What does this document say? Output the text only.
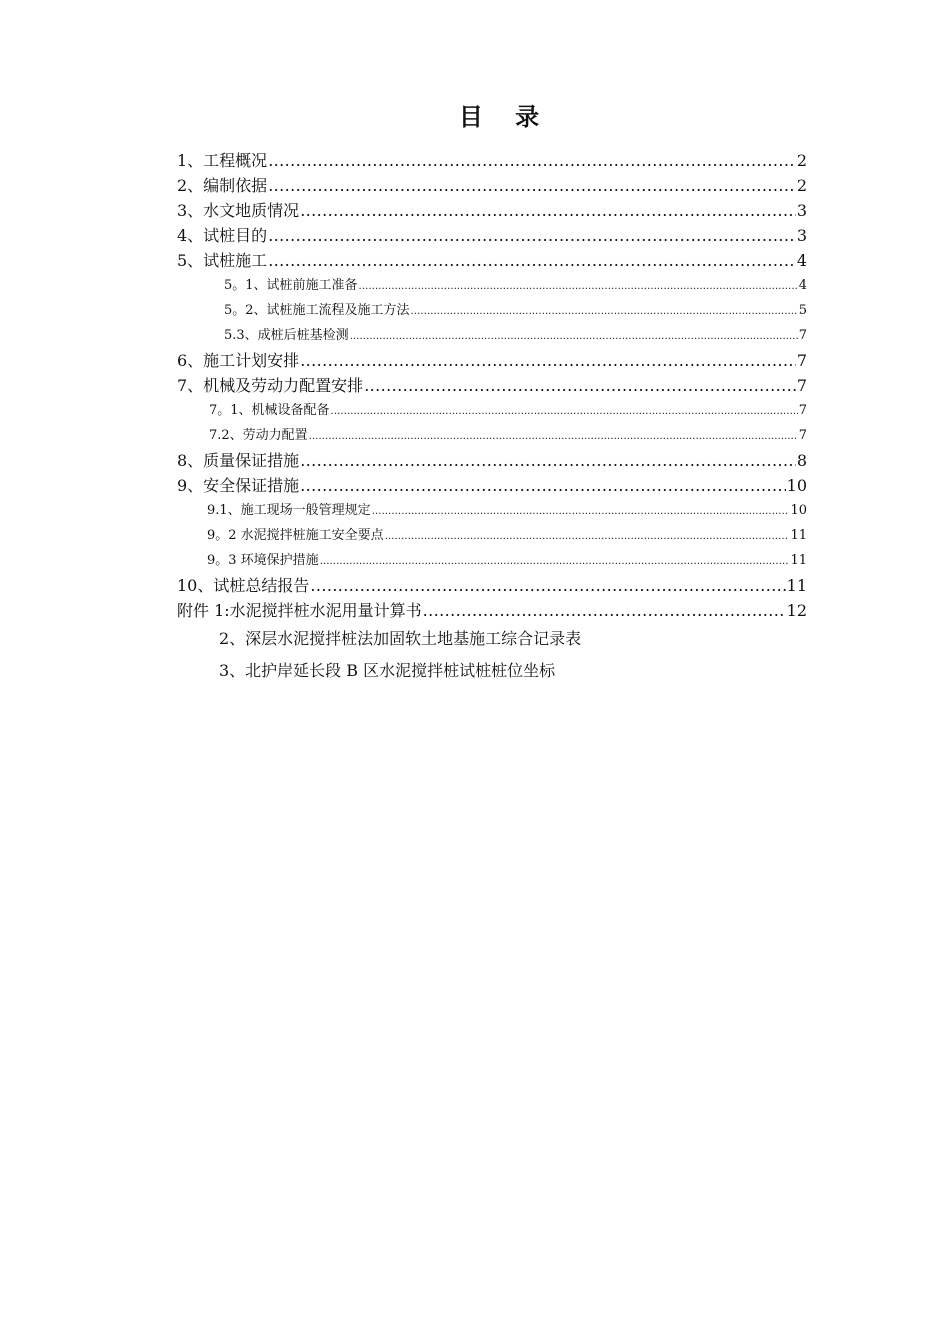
目 录
1、工程概况 .....	2
2、编制依据 .....	2
3、水文地质情况 .....	3
4、试桩目的 .....	3
5、试桩施工 .....	4
5。1、试桩前施工准备 .....	4
5。2、试桩施工流程及施工方法 .....	5
5.3、成桩后桩基检测 .....	7
6、施工计划安排 .....	7
7、机械及劳动力配置安排 .....	7
7。1、机械设备配备 .....	7
7.2、劳动力配置 .....	7
8、质量保证措施 .....	8
9、安全保证措施 .....	10
9.1、施工现场一般管理规定 .....	10
9。2 水泥搅拌桩施工安全要点 .....	11
9。3 环境保护措施 .....	11
10、试桩总结报告 .....	11
附件 1:水泥搅拌桩水泥用量计算书 .....	12
2、深层水泥搅拌桩法加固软土地基施工综合记录表
3、北护岸延长段 B 区水泥搅拌桩试桩桩位坐标
